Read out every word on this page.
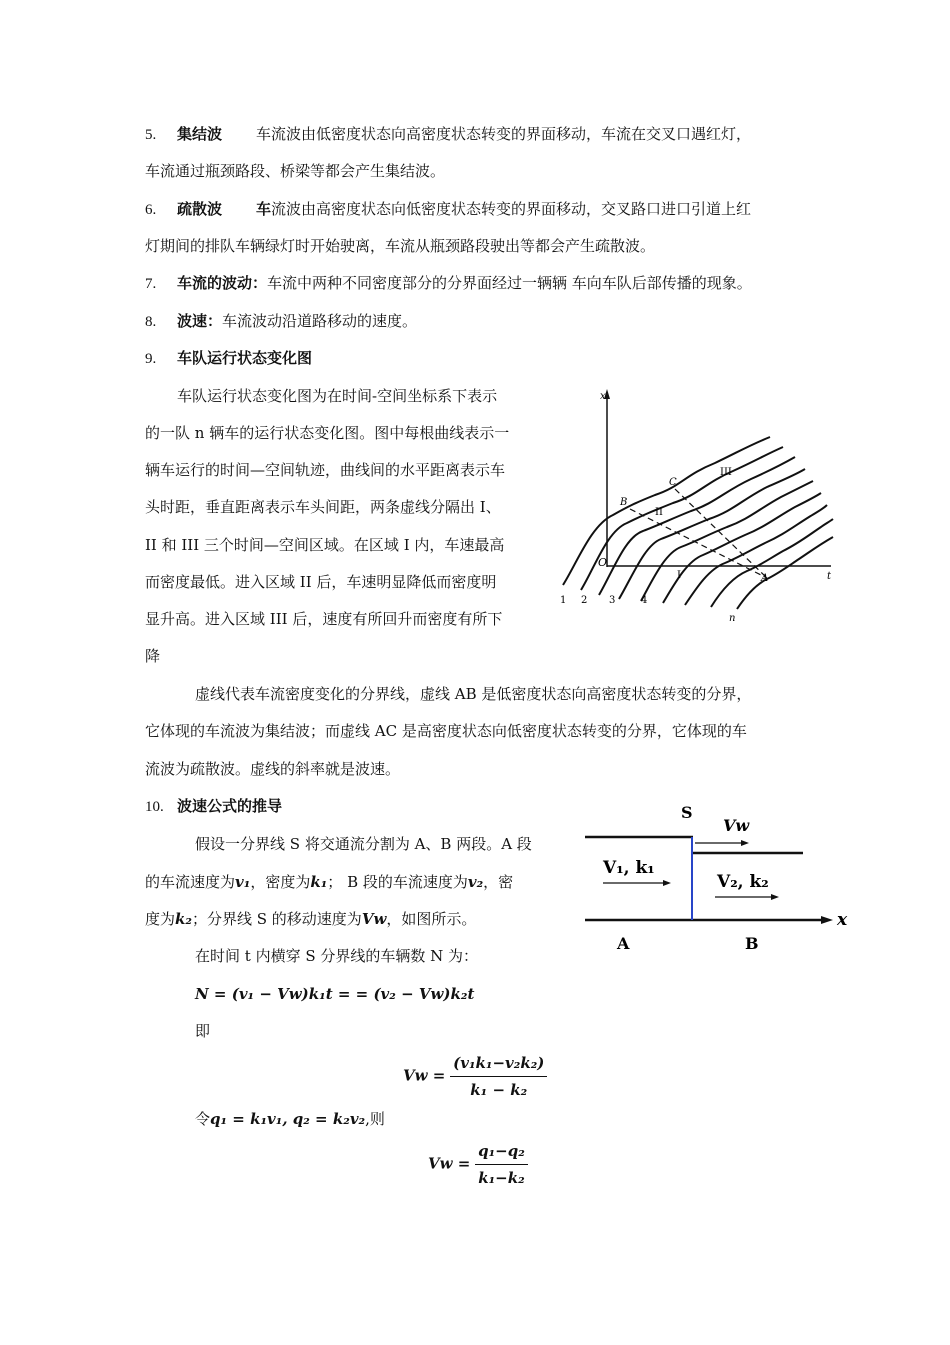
5. 集结波 车流波由低密度状态向高密度状态转变的界面移动，车流在交叉口遇红灯，
车流通过瓶颈路段、桥梁等都会产生集结波。
6. 疏散波 车流波由高密度状态向低密度状态转变的界面移动，交叉路口进口引道上红
灯期间的排队车辆绿灯时开始驶离，车流从瓶颈路段驶出等都会产生疏散波。
7. 车流的波动：车流中两种不同密度部分的分界面经过一辆辆 车向车队后部传播的现象。
8. 波速：车流波动沿道路移动的速度。
9. 车队运行状态变化图
车队运行状态变化图为在时间-空间坐标系下表示
的一队 n 辆车的运行状态变化图。图中每根曲线表示一
辆车运行的时间—空间轨迹，曲线间的水平距离表示车
头时距，垂直距离表示车头间距，两条虚线分隔出 I、
II 和 III 三个时间—空间区域。在区域 I 内，车速最高
而密度最低。进入区域 II 后，车速明显降低而密度明
显升高。进入区域 III 后，速度有所回升而密度有所下
降
x
t
O
B
C
A
I
II
III
1 2 3	4
n
虚线代表车流密度变化的分界线，虚线 AB 是低密度状态向高密度状态转变的分界，
它体现的车流波为集结波；而虚线 AC 是高密度状态向低密度状态转变的分界，它体现的车
流波为疏散波。虚线的斜率就是波速。
10. 波速公式的推导
假设一分界线 S 将交通流分割为 A、B 两段。A 段
的车流速度为v₁，密度为k₁； B 段的车流速度为v₂，密
度为k₂；分界线 S 的移动速度为Vw，如图所示。
在时间 t 内横穿 S 分界线的车辆数 N 为：
N = (v₁ − Vw)k₁t = = (v₂ − Vw)k₂t
即
$Vw = \frac{\text{(v₁k₁−v₂k₂)}}{\text{k₁ − k₂}}$
令q₁ = k₁v₁, q₂ = k₂v₂,则
$Vw = \frac{\text{q₁−q₂}}{\text{k₁−k₂}}$
S
Vw
V₁, k₁
V₂, k₂
A	B
x
